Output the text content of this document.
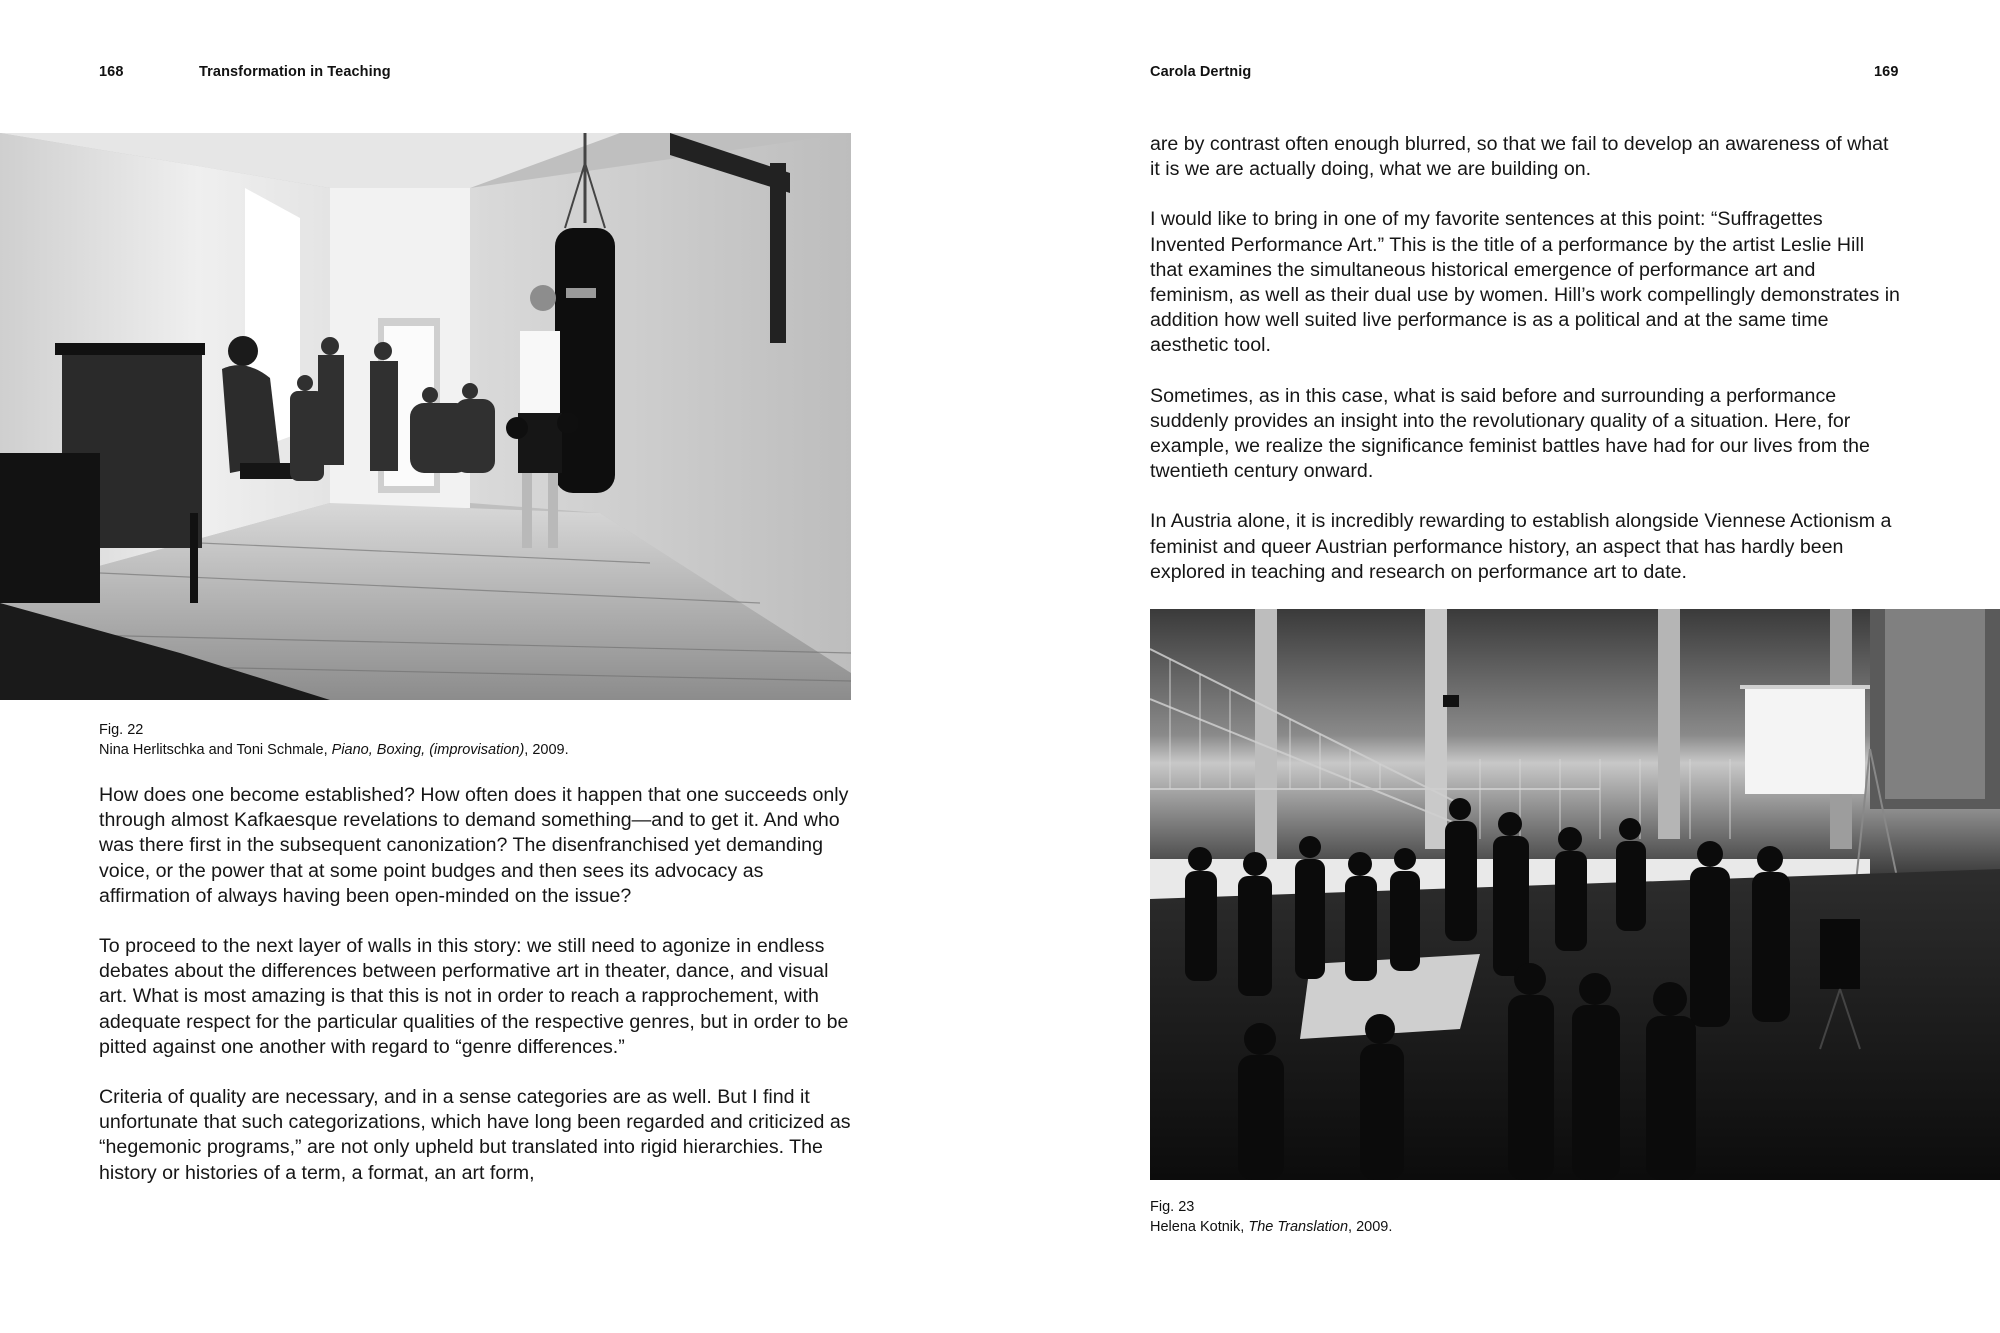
168	Transformation in Teaching
Fig. 22
Nina Herlitschka and Toni Schmale, Piano, Boxing, (improvisation), 2009.

How does one become established? How often does it happen that one succeeds only through almost Kafkaesque revelations to demand something—and to get it. And who was there first in the subsequent canonization? The disenfranchised yet demanding voice, or the power that at some point budges and then sees its advocacy as affirmation of always having been open-minded on the issue?

To proceed to the next layer of walls in this story: we still need to agonize in endless debates about the differences between performative art in theater, dance, and visual art. What is most amazing is that this is not in order to reach a rapprochement, with adequate respect for the particular qualities of the respective genres, but in order to be pitted against one another with regard to “genre differences.”

Criteria of quality are necessary, and in a sense categories are as well. But I find it unfortunate that such categorizations, which have long been regarded and criticized as “hegemonic programs,” are not only upheld but translated into rigid hierarchies. The history or histories of a term, a format, an art form,

Carola Dertnig	169

are by contrast often enough blurred, so that we fail to develop an awareness of what it is we are actually doing, what we are building on.

I would like to bring in one of my favorite sentences at this point: “Suffragettes Invented Performance Art.” This is the title of a performance by the artist Leslie Hill that examines the simultaneous historical emergence of performance art and feminism, as well as their dual use by women. Hill’s work compellingly demonstrates in addition how well suited live performance is as a political and at the same time aesthetic tool.

Sometimes, as in this case, what is said before and surrounding a performance suddenly provides an insight into the revolutionary quality of a situation. Here, for example, we realize the significance feminist battles have had for our lives from the twentieth century onward.

In Austria alone, it is incredibly rewarding to establish alongside Viennese Actionism a feminist and queer Austrian performance history, an aspect that has hardly been explored in teaching and research on performance art to date.

Fig. 23
Helena Kotnik, The Translation, 2009.
